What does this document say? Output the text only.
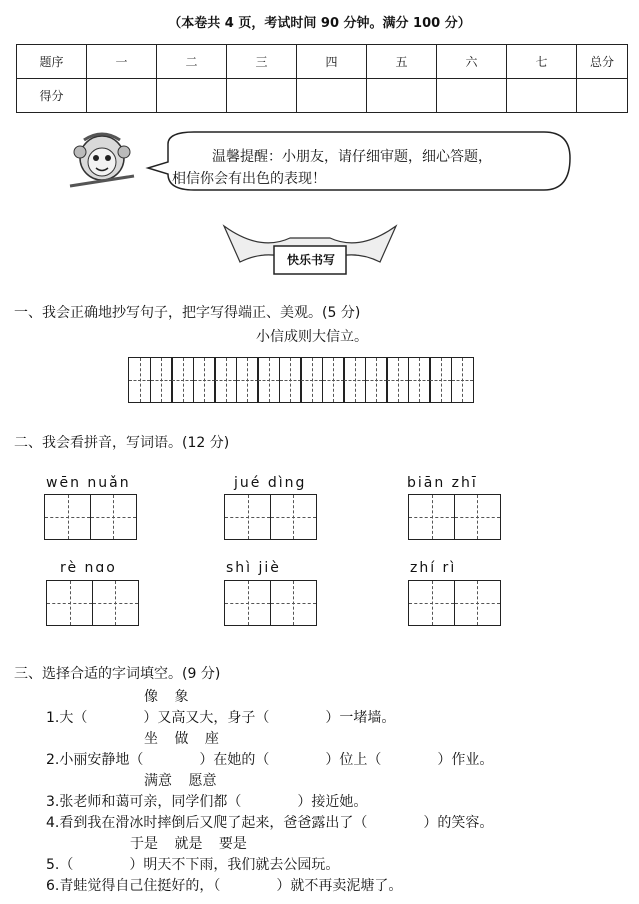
（本卷共 4 页，考试时间 90 分钟。满分 100 分）
题序	一	二	三	四	五	六	七	总分
得分								
温馨提醒：小朋友，请仔细审题，细心答题，
相信你会有出色的表现！
快乐书写
一、我会正确地抄写句子，把字写得端正、美观。(5 分)
小信成则大信立。
二、我会看拼音，写词语。(12 分)
wēn nuǎn	jué dìng	biān zhī
rè nɑo	shì jiè	zhí rì
三、选择合适的字词填空。(9 分)
像 象
1.大（　　　　）又高又大，身子（　　　　）一堵墙。
坐 做 座
2.小丽安静地（　　　　）在她的（　　　　）位上（　　　　）作业。
满意 愿意
3.张老师和蔼可亲，同学们都（　　　　）接近她。
4.看到我在滑冰时摔倒后又爬了起来，爸爸露出了（　　　　）的笑容。
于是 就是 要是
5.（　　　　）明天不下雨，我们就去公园玩。
6.青蛙觉得自己住挺好的，（　　　　）就不再卖泥塘了。
